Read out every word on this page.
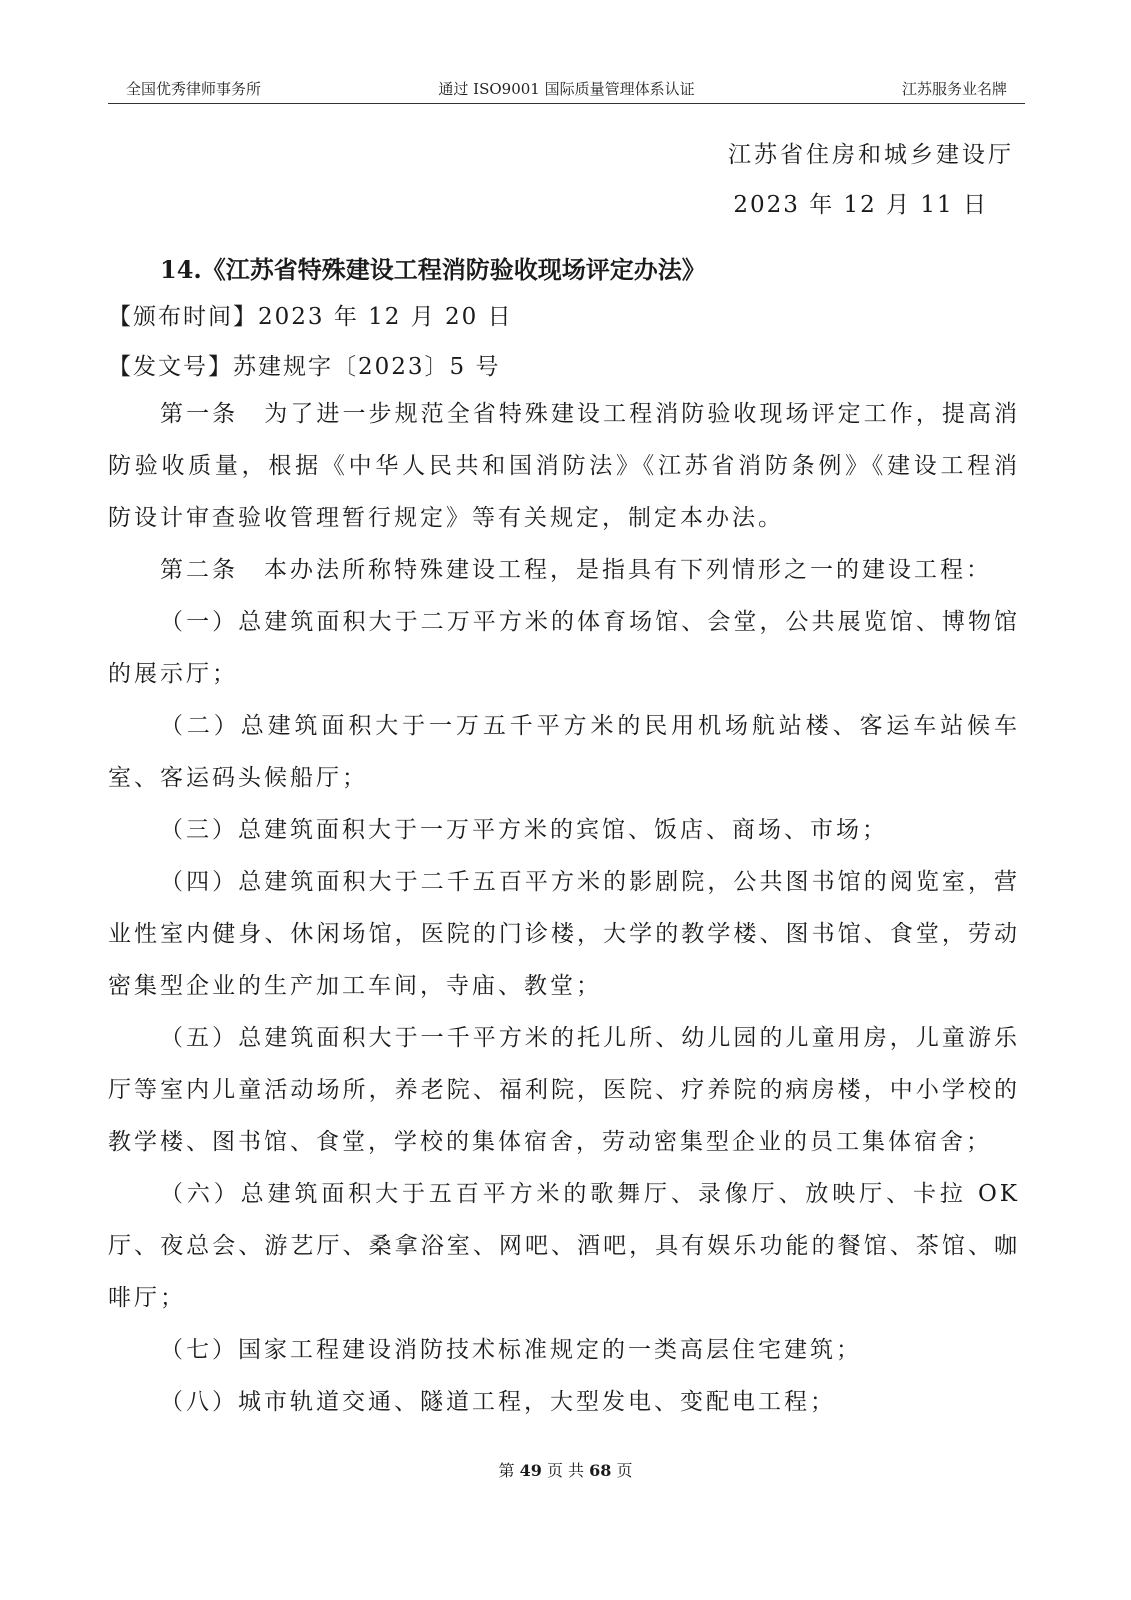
全国优秀律师事务所	通过 ISO9001 国际质量管理体系认证	江苏服务业名牌
江苏省住房和城乡建设厅
2023 年 12 月 11 日
14.《江苏省特殊建设工程消防验收现场评定办法》
【颁布时间】2023 年 12 月 20 日
【发文号】苏建规字〔2023〕5 号

第一条　为了进一步规范全省特殊建设工程消防验收现场评定工作，提高消防验收质量，根据《中华人民共和国消防法》《江苏省消防条例》《建设工程消防设计审查验收管理暂行规定》等有关规定，制定本办法。

第二条　本办法所称特殊建设工程，是指具有下列情形之一的建设工程：

（一）总建筑面积大于二万平方米的体育场馆、会堂，公共展览馆、博物馆的展示厅；

（二）总建筑面积大于一万五千平方米的民用机场航站楼、客运车站候车室、客运码头候船厅；

（三）总建筑面积大于一万平方米的宾馆、饭店、商场、市场；

（四）总建筑面积大于二千五百平方米的影剧院，公共图书馆的阅览室，营业性室内健身、休闲场馆，医院的门诊楼，大学的教学楼、图书馆、食堂，劳动密集型企业的生产加工车间，寺庙、教堂；

（五）总建筑面积大于一千平方米的托儿所、幼儿园的儿童用房，儿童游乐厅等室内儿童活动场所，养老院、福利院，医院、疗养院的病房楼，中小学校的教学楼、图书馆、食堂，学校的集体宿舍，劳动密集型企业的员工集体宿舍；

（六）总建筑面积大于五百平方米的歌舞厅、录像厅、放映厅、卡拉 OK 厅、夜总会、游艺厅、桑拿浴室、网吧、酒吧，具有娱乐功能的餐馆、茶馆、咖啡厅；

（七）国家工程建设消防技术标准规定的一类高层住宅建筑；

（八）城市轨道交通、隧道工程，大型发电、变配电工程；

第 49 页 共 68 页
